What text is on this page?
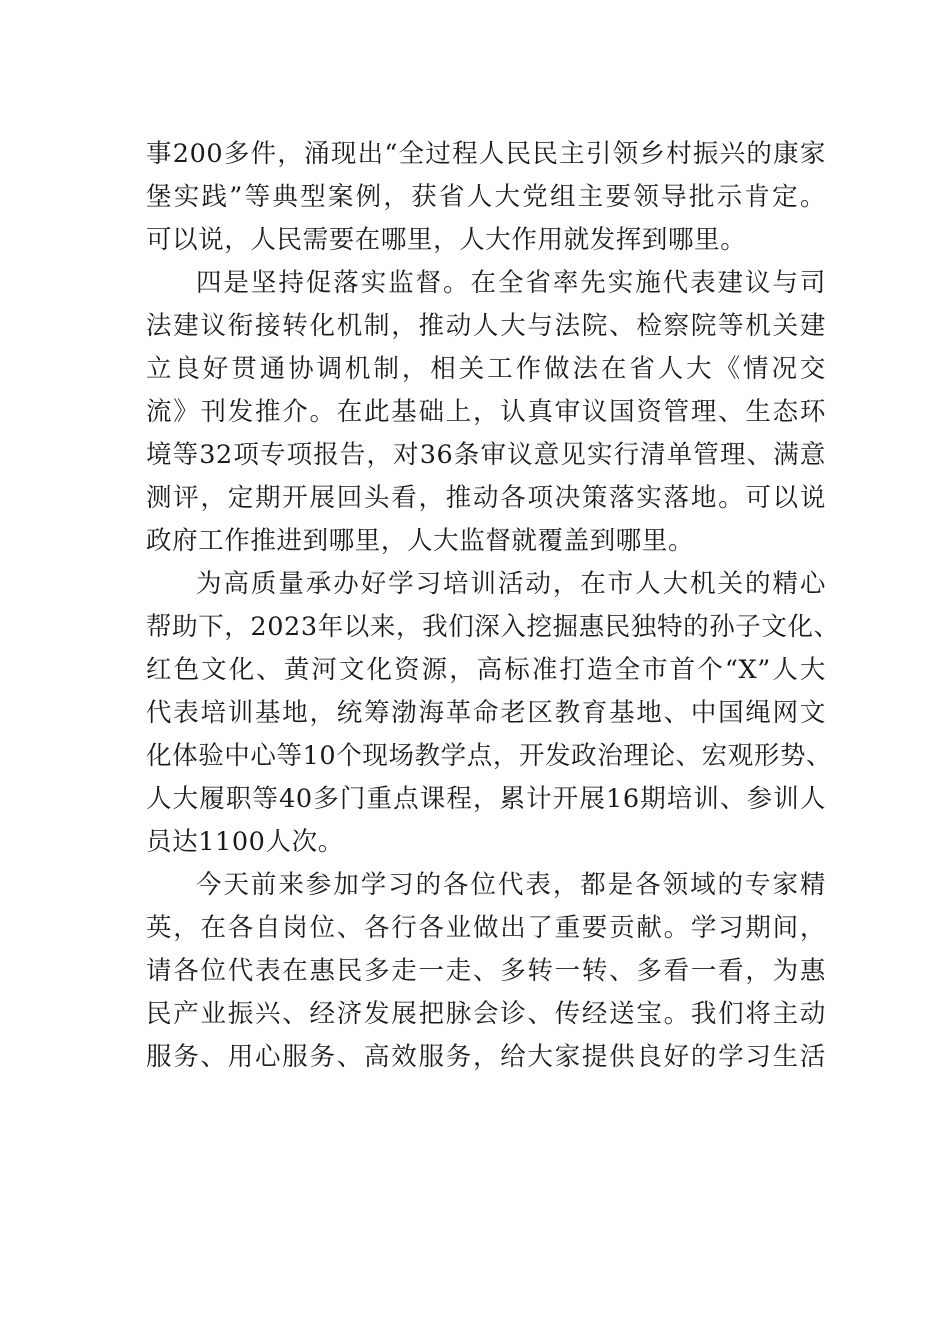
事200多件，涌现出“全过程人民民主引领乡村振兴的康家
堡实践”等典型案例，获省人大党组主要领导批示肯定。
可以说，人民需要在哪里，人大作用就发挥到哪里。
四是坚持促落实监督。在全省率先实施代表建议与司
法建议衔接转化机制，推动人大与法院、检察院等机关建
立良好贯通协调机制，相关工作做法在省人大《情况交
流》刊发推介。在此基础上，认真审议国资管理、生态环
境等32项专项报告，对36条审议意见实行清单管理、满意
测评，定期开展回头看，推动各项决策落实落地。可以说
政府工作推进到哪里，人大监督就覆盖到哪里。
为高质量承办好学习培训活动，在市人大机关的精心
帮助下，2023年以来，我们深入挖掘惠民独特的孙子文化、
红色文化、黄河文化资源，高标准打造全市首个“X”人大
代表培训基地，统筹渤海革命老区教育基地、中国绳网文
化体验中心等10个现场教学点，开发政治理论、宏观形势、
人大履职等40多门重点课程，累计开展16期培训、参训人
员达1100人次。
今天前来参加学习的各位代表，都是各领域的专家精
英，在各自岗位、各行各业做出了重要贡献。学习期间，
请各位代表在惠民多走一走、多转一转、多看一看，为惠
民产业振兴、经济发展把脉会诊、传经送宝。我们将主动
服务、用心服务、高效服务，给大家提供良好的学习生活
